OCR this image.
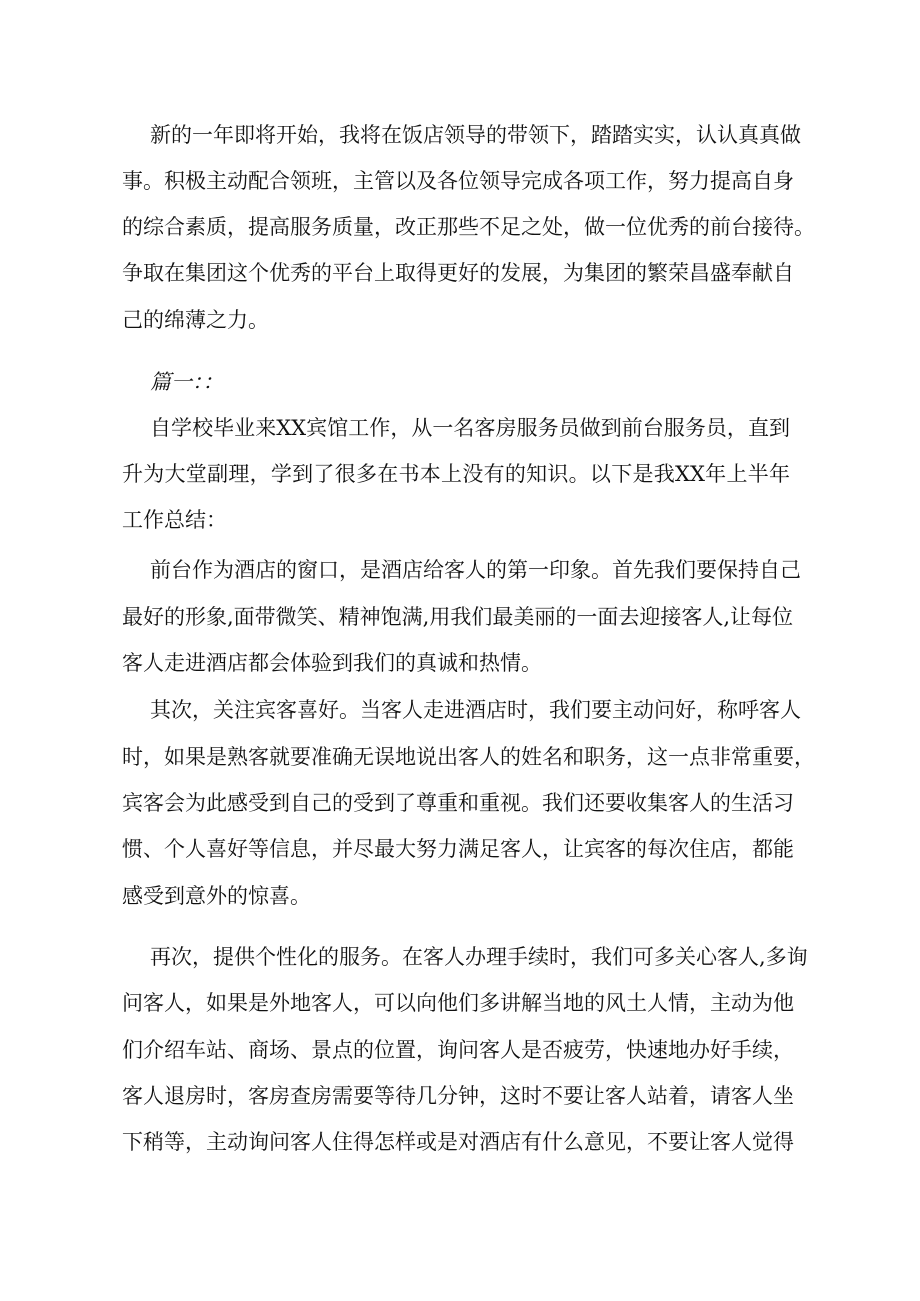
新的一年即将开始，我将在饭店领导的带领下，踏踏实实，认认真真做
事。积极主动配合领班，主管以及各位领导完成各项工作，努力提高自身
的综合素质，提高服务质量，改正那些不足之处，做一位优秀的前台接待。
争取在集团这个优秀的平台上取得更好的发展，为集团的繁荣昌盛奉献自
己的绵薄之力。
篇一：：
自学校毕业来XX宾馆工作，从一名客房服务员做到前台服务员，直到
升为大堂副理，学到了很多在书本上没有的知识。以下是我XX年上半年
工作总结：
前台作为酒店的窗口，是酒店给客人的第一印象。首先我们要保持自己
最好的形象,面带微笑、精神饱满,用我们最美丽的一面去迎接客人,让每位
客人走进酒店都会体验到我们的真诚和热情。
其次，关注宾客喜好。当客人走进酒店时，我们要主动问好，称呼客人
时，如果是熟客就要准确无误地说出客人的姓名和职务，这一点非常重要，
宾客会为此感受到自己的受到了尊重和重视。我们还要收集客人的生活习
惯、个人喜好等信息，并尽最大努力满足客人，让宾客的每次住店，都能
感受到意外的惊喜。
再次，提供个性化的服务。在客人办理手续时，我们可多关心客人,多询
问客人，如果是外地客人，可以向他们多讲解当地的风土人情，主动为他
们介绍车站、商场、景点的位置，询问客人是否疲劳，快速地办好手续，
客人退房时，客房查房需要等待几分钟，这时不要让客人站着，请客人坐
下稍等，主动询问客人住得怎样或是对酒店有什么意见，不要让客人觉得
